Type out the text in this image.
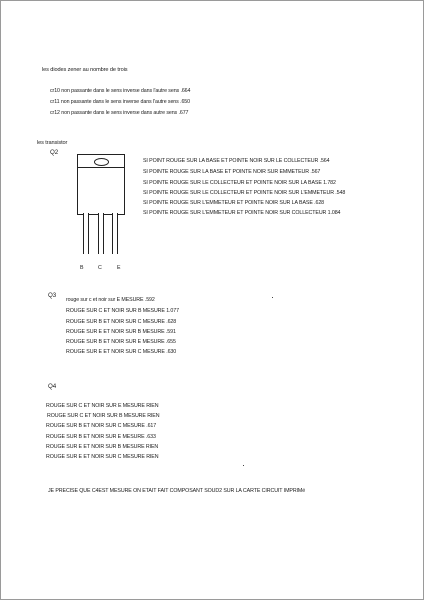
les diodes zener au nombre de trois
cr10 non passante dans le sens inverse dans l'autre sens .664
cr11 non passante dans le sens inverse dans l'autre sens .650
cr12 non passante dans le sens inverse dans autre sens .677
les transistor
Q2
B	C	E
SI POINT ROUGE SUR LA BASE ET POINTE NOIR SUR LE COLLECTEUR .564
SI POINTE ROUGE SUR LA BASE ET POINTE NOIR SUR EMMETEUR .567
SI POINTE ROUGE SUR LE COLLECTEUR ET POINTE NOIR SUR LA BASE 1.782
SI POINTE ROUGE SUR LE COLLECTEUR ET POINTE NOIR SUR L'EMMETEUR .548
SI POINTE ROUGE SUR L'EMMETEUR ET POINTE NOIR SUR LA BASE .628
SI POINTE ROUGE SUR L'EMMETEUR ET POINTE NOIR SUR COLLECTEUR 1.084
Q3
rouge sur c et noir sur E MESURE .592
ROUGE SUR C ET NOIR SUR B MESURE 1.077
ROUGE SUR B ET NOIR SUR C MESURE .628
ROUGE SUR E ET NOIR SUR B MESURE .591
ROUGE SUR B ET NOIR SUR E MESURE .655
ROUGE SUR E ET NOIR SUR C MESURE .630
Q4
ROUGE SUR C ET NOIR SUR E MESURE RIEN
ROUGE SUR C ET NOIR SUR B MESURE RIEN
ROUGE SUR B ET NOIR SUR C MESURE .617
ROUGE SUR B ET NOIR SUR E MESURE .633
ROUGE SUR E ET NOIR SUR B MESURE RIEN
ROUGE SUR E ET NOIR SUR C MESURE RIEN
JE PRECISE QUE C4EST MESURE ON ETAIT FAIT COMPOSANT SOUD2 SUR LA CARTE CIRCUIT IMPRIMé
